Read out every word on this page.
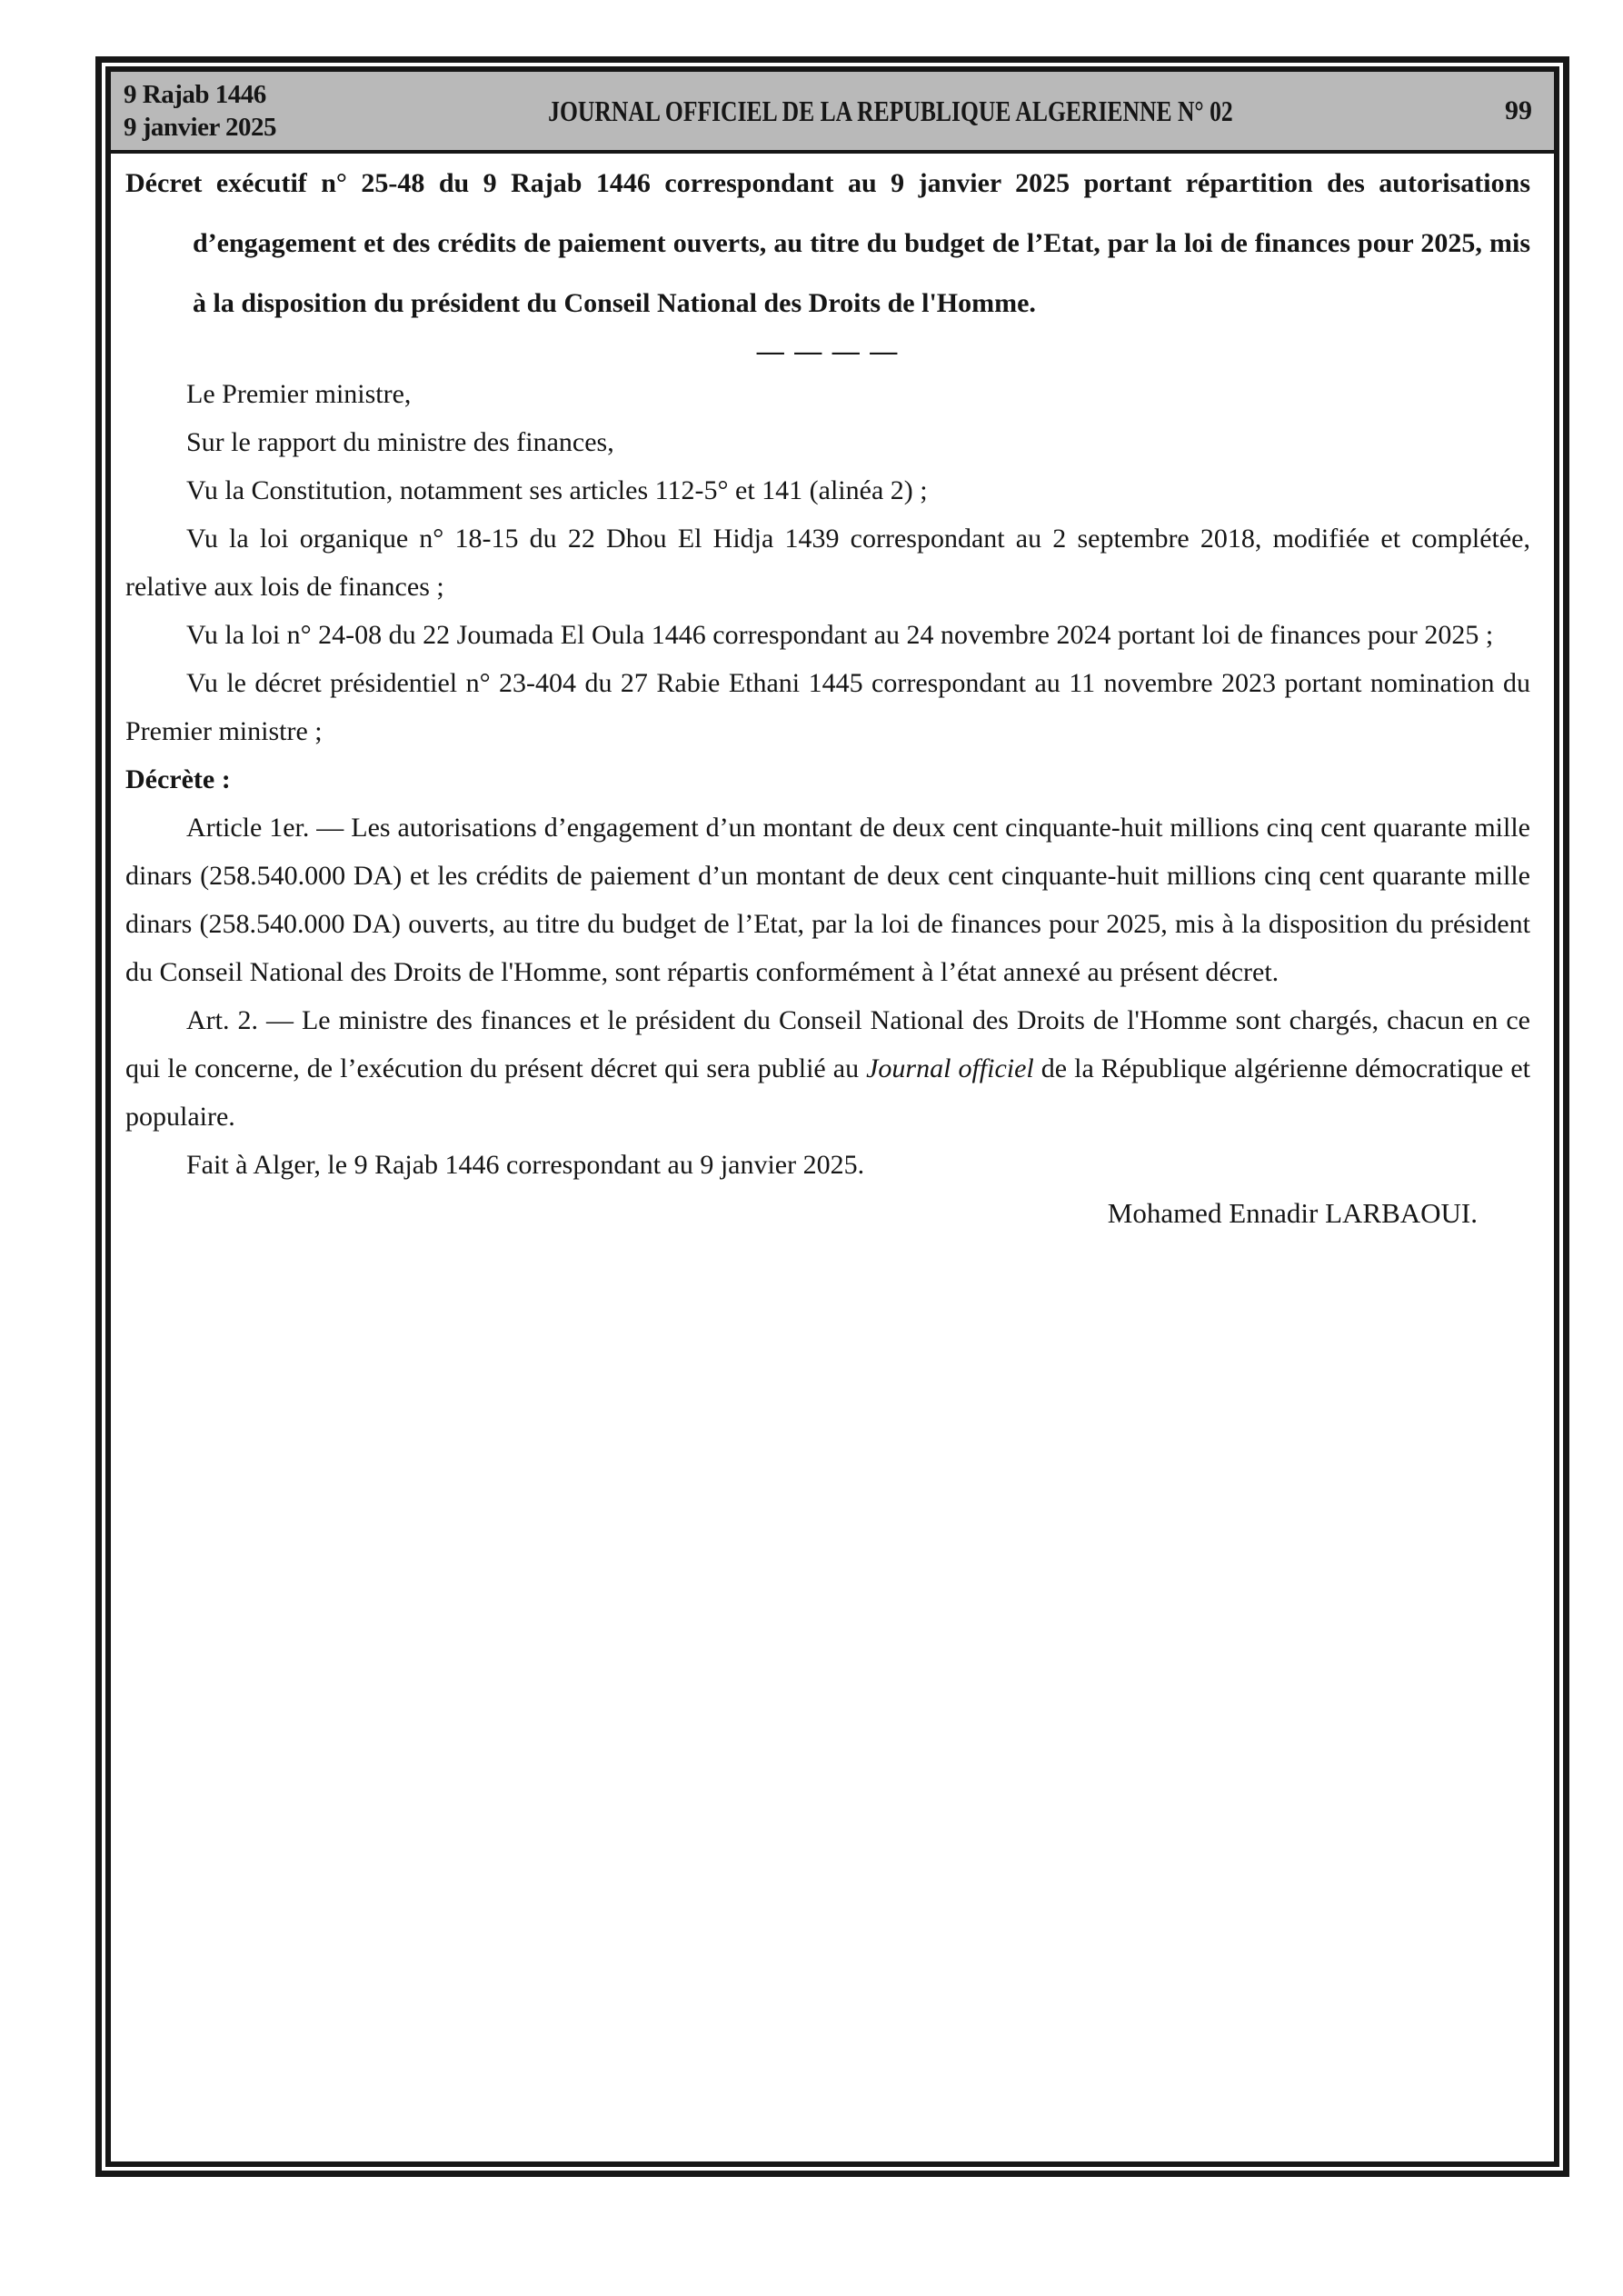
9 Rajab 1446
9 janvier 2025
JOURNAL OFFICIEL DE LA REPUBLIQUE ALGERIENNE N° 02	99

Décret exécutif n° 25-48 du 9 Rajab 1446 correspondant au 9 janvier 2025 portant répartition des autorisations d’engagement et des crédits de paiement ouverts, au titre du budget de l’Etat, par la loi de finances pour 2025, mis à la disposition du président du Conseil National des Droits de l'Homme.

— — — —

Le Premier ministre,

Sur le rapport du ministre des finances,

Vu la Constitution, notamment ses articles 112-5° et 141 (alinéa 2) ;

Vu la loi organique n° 18-15 du 22 Dhou El Hidja 1439 correspondant au 2 septembre 2018, modifiée et complétée, relative aux lois de finances ;

Vu la loi n° 24-08 du 22 Joumada El Oula 1446 correspondant au 24 novembre 2024 portant loi de finances pour 2025 ;

Vu le décret présidentiel n° 23-404 du 27 Rabie Ethani 1445 correspondant au 11 novembre 2023 portant nomination du Premier ministre ;

Décrète :

Article 1er. — Les autorisations d’engagement d’un montant de deux cent cinquante-huit millions cinq cent quarante mille dinars (258.540.000 DA) et les crédits de paiement d’un montant de deux cent cinquante-huit millions cinq cent quarante mille dinars (258.540.000 DA) ouverts, au titre du budget de l’Etat, par la loi de finances pour 2025, mis à la disposition du président du Conseil National des Droits de l'Homme, sont répartis conformément à l’état annexé au présent décret.

Art. 2. — Le ministre des finances et le président du Conseil National des Droits de l'Homme sont chargés, chacun en ce qui le concerne, de l’exécution du présent décret qui sera publié au Journal officiel de la République algérienne démocratique et populaire.

Fait à Alger, le 9 Rajab 1446 correspondant au 9 janvier 2025.

Mohamed Ennadir LARBAOUI.
